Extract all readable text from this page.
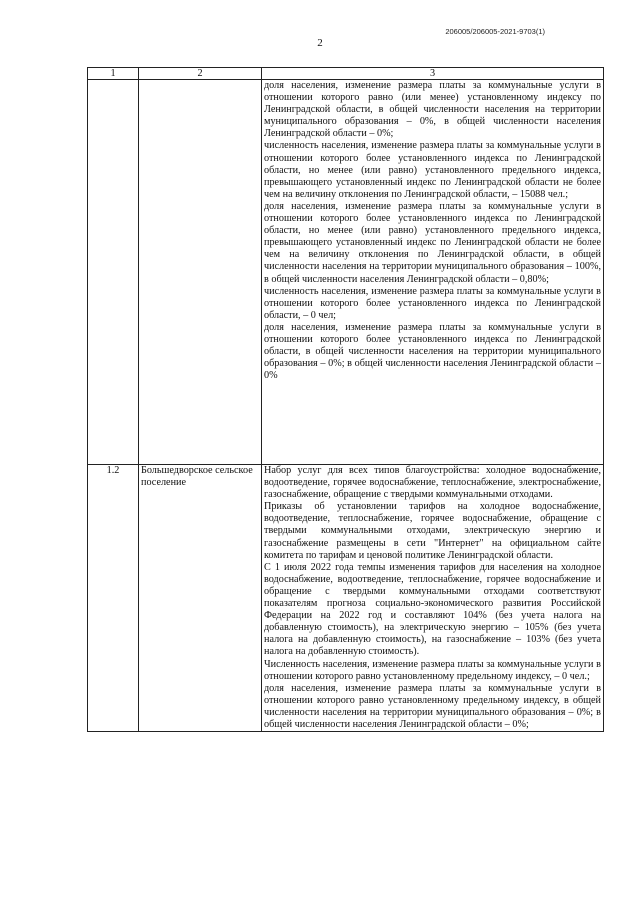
206005/206005-2021-9703(1)
2
1	2	3

		доля населения, изменение размера платы за коммунальные услуги в отношении которого равно (или менее) установленному индексу по Ленинградской области, в общей численности населения на территории муниципального образования – 0%, в общей численности населения Ленинградской области – 0%;

численность населения, изменение размера платы за коммунальные услуги в отношении которого более установленного индекса по Ленинградской области, но менее (или равно) установленного предельного индекса, превышающего установленный индекс по Ленинградской области не более чем на величину отклонения по Ленинградской области, – 15088 чел.;

доля населения, изменение размера платы за коммунальные услуги в отношении которого более установленного индекса по Ленинградской области, но менее (или равно) установленного предельного индекса, превышающего установленный индекс по Ленинградской области не более чем на величину отклонения по Ленинградской области, в общей численности населения на территории муниципального образования – 100%, в общей численности населения Ленинградской области – 0,80%;

численность населения, изменение размера платы за коммунальные услуги в отношении которого более установленного индекса по Ленинградской области, – 0 чел;

доля населения, изменение размера платы за коммунальные услуги в отношении которого более установленного индекса по Ленинградской области, в общей численности населения на территории муниципального образования – 0%; в общей численности населения Ленинградской области – 0%

1.2	Большедворское сельское поселение	Набор услуг для всех типов благоустройства: холодное водоснабжение, водоотведение, горячее водоснабжение, теплоснабжение, электроснабжение, газоснабжение, обращение с твердыми коммунальными отходами.

Приказы об установлении тарифов на холодное водоснабжение, водоотведение, теплоснабжение, горячее водоснабжение, обращение с твердыми коммунальными отходами, электрическую энергию и газоснабжение размещены в сети "Интернет" на официальном сайте комитета по тарифам и ценовой политике Ленинградской области.

С 1 июля 2022 года темпы изменения тарифов для населения на холодное водоснабжение, водоотведение, теплоснабжение, горячее водоснабжение и обращение с твердыми коммунальными отходами соответствуют показателям прогноза социально-экономического развития Российской Федерации на 2022 год и составляют 104% (без учета налога на добавленную стоимость), на электрическую энергию – 105% (без учета налога на добавленную стоимость), на газоснабжение – 103% (без учета налога на добавленную стоимость).

Численность населения, изменение размера платы за коммунальные услуги в отношении которого равно установленному предельному индексу, – 0 чел.;

доля населения, изменение размера платы за коммунальные услуги в отношении которого равно установленному предельному индексу, в общей численности населения на территории муниципального образования – 0%; в общей численности населения Ленинградской области – 0%;
